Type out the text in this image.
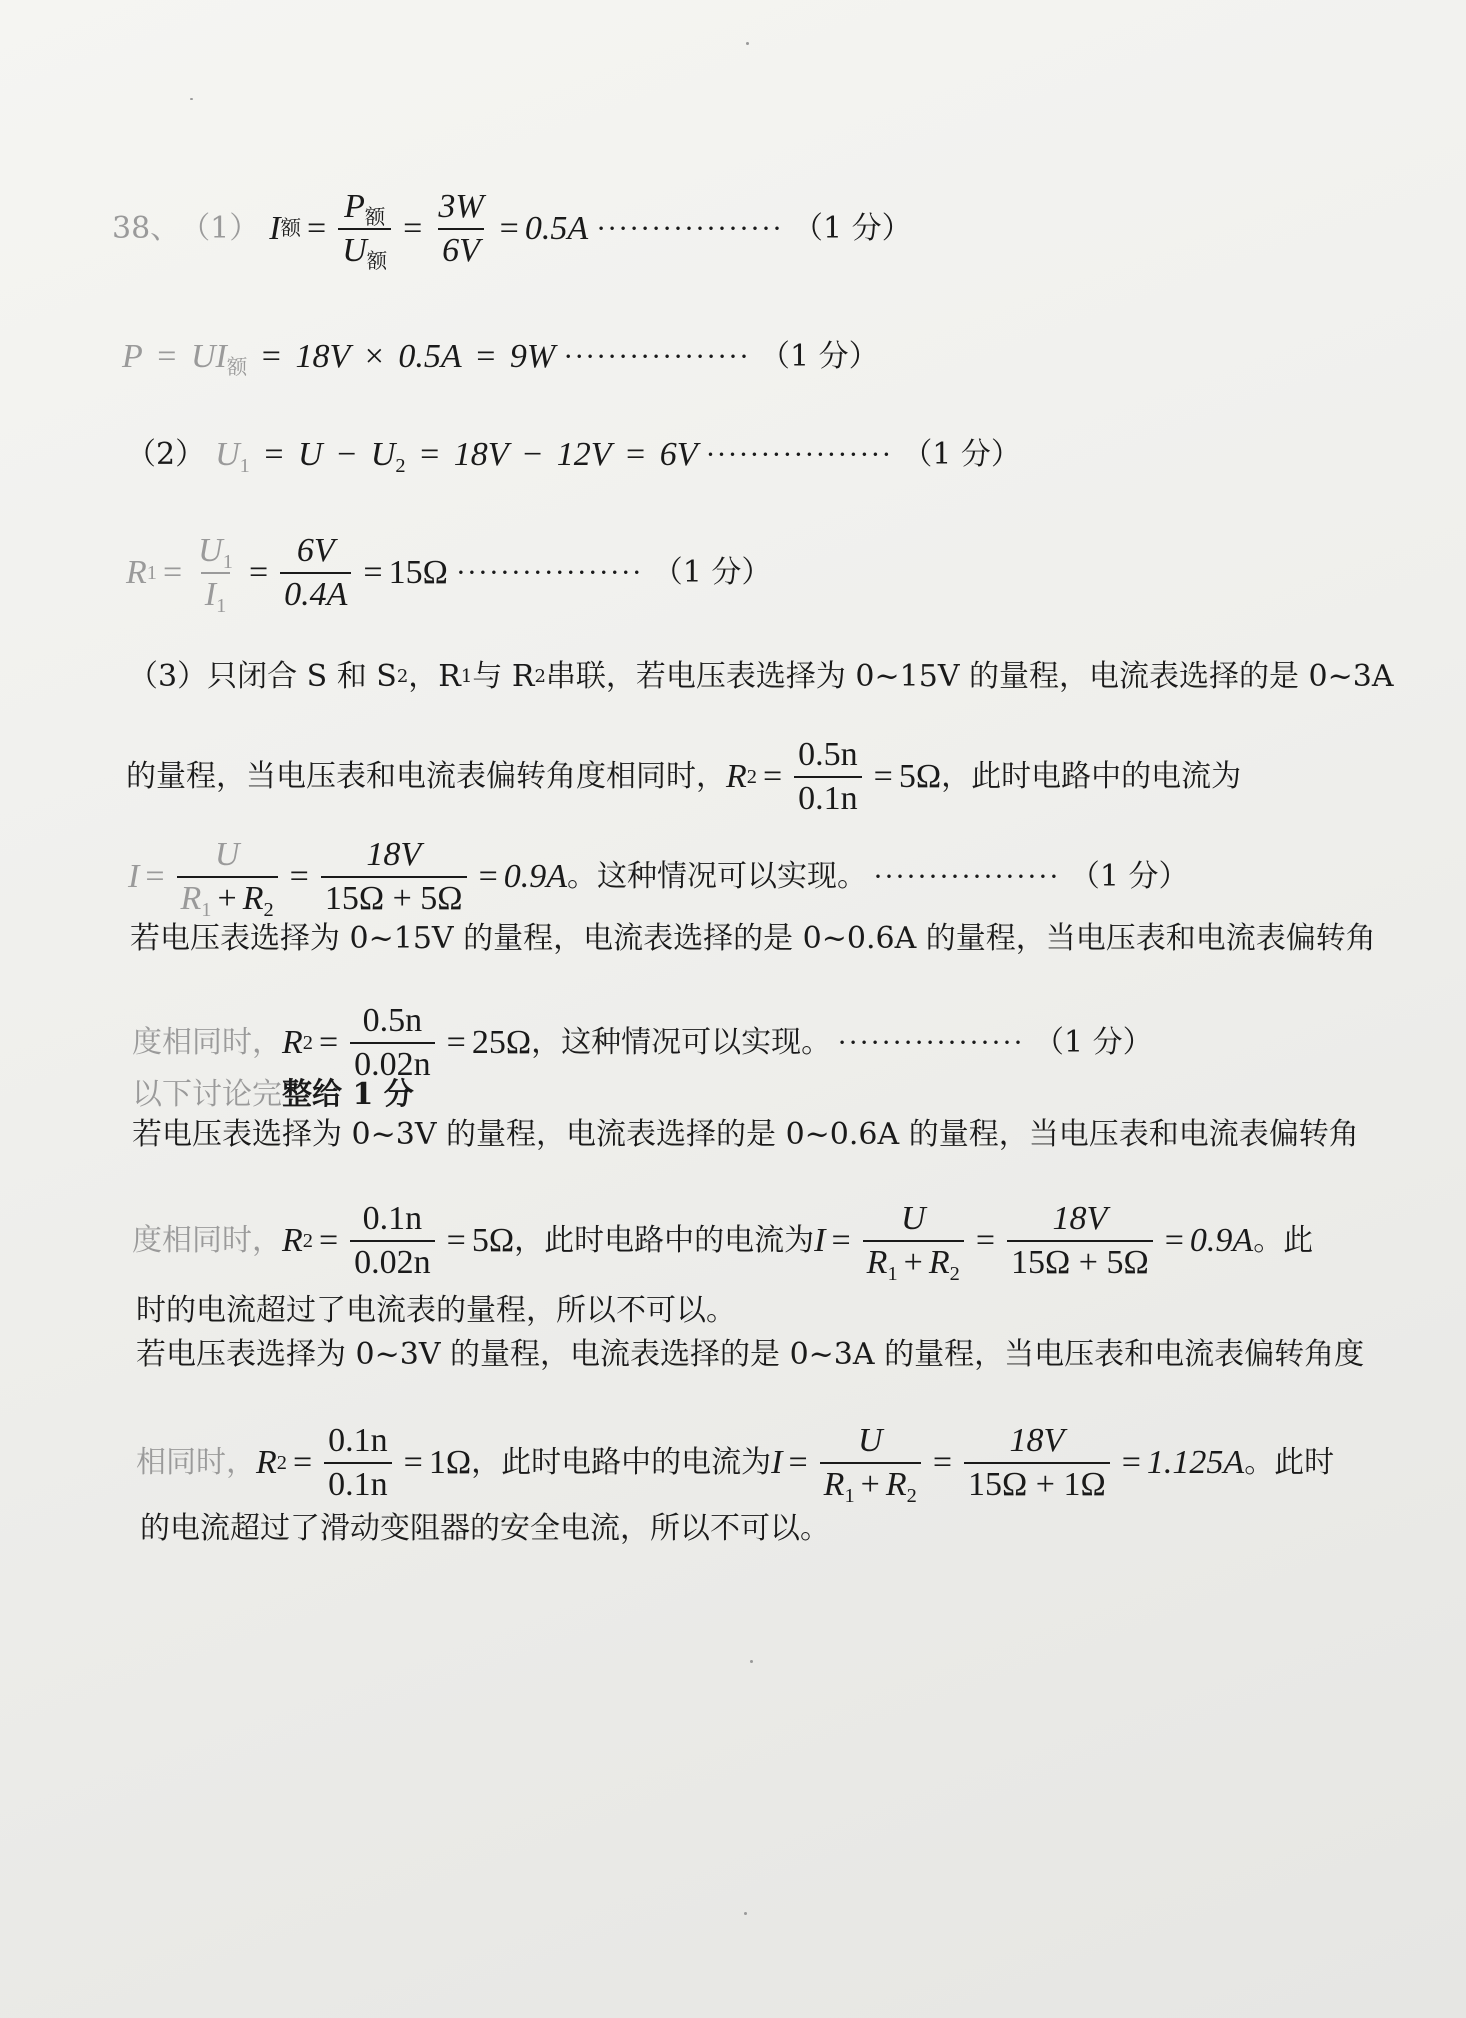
38、 （1） I 额 = $\frac{P_额}{U_额} = \frac{3W}{6V} = 0.5A$ ················· （1 分）
$P = UI_额 = 18V \times 0.5A = 9W$ ················· （1 分）
（2） $U_1 = U - U_2 = 18V - 12V = 6V$ ················· （1 分）
R $1 = \frac{U_1}{I_1} = \frac{6V}{0.4A} = 15\Omega$ ················· （1 分）
（3） 只闭合 S 和 S 2 ，R 1 与 R 2 串联，若电压表选择为 0~15V 的量程，电流表选择的是 0~3A
的量程，当电压表和电流表偏转角度相同时， R $2 = \frac{0.5n}{0.1n} = 5\Omega$ ，此时电路中的电流为
$I = \frac{U}{R_1 + R_2} = \frac{18V}{15\Omega + 5\Omega} = 0.9A$ 。这种情况可以实现。 ················· （1 分）
若电压表选择为 0~15V 的量程，电流表选择的是 0~0.6A 的量程，当电压表和电流表偏转角
度相同时， R $2 = \frac{0.5n}{0.02n} = 25\Omega$ ，这种情况可以实现。 ················· （1 分）
以下讨论完 整给 1 分
若电压表选择为 0~3V 的量程，电流表选择的是 0~0.6A 的量程，当电压表和电流表偏转角
度相同时， R $2 = \frac{0.1n}{0.02n} = 5\Omega$ ，此时电路中的电流为 $I = \frac{U}{R_1 + R_2} = \frac{18V}{15\Omega + 5\Omega} = 0.9A$ 。此
时的电流超过了电流表的量程，所以不可以。
若电压表选择为 0~3V 的量程，电流表选择的是 0~3A 的量程，当电压表和电流表偏转角度
相同时， R $2 = \frac{0.1n}{0.1n} = 1\Omega$ ，此时电路中的电流为 $I = \frac{U}{R_1 + R_2} = \frac{18V}{15\Omega + 1\Omega} = 1.125A$ 。此时
的电流超过了滑动变阻器的安全电流，所以不可以。
